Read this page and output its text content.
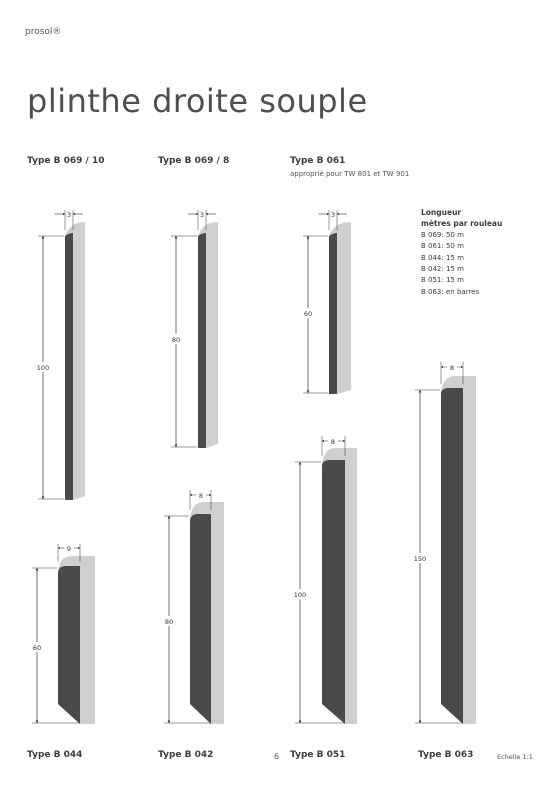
prosol®
plinthe droite souple
Type B 069 / 10	Type B 069 / 8	Type B 061
approprié pour TW 801 et TW 901
Longueur
mètres par rouleau
B 069: 50 m
B 061: 50 m
B 044: 15 m
B 042: 15 m
B 051: 15 m
B 063: en barres
3
100
3
80
3
60
9
60
8
80
8
100
8
150
Type B 044	Type B 042	Type B 051	Type B 063
6	Echelle 1:1
